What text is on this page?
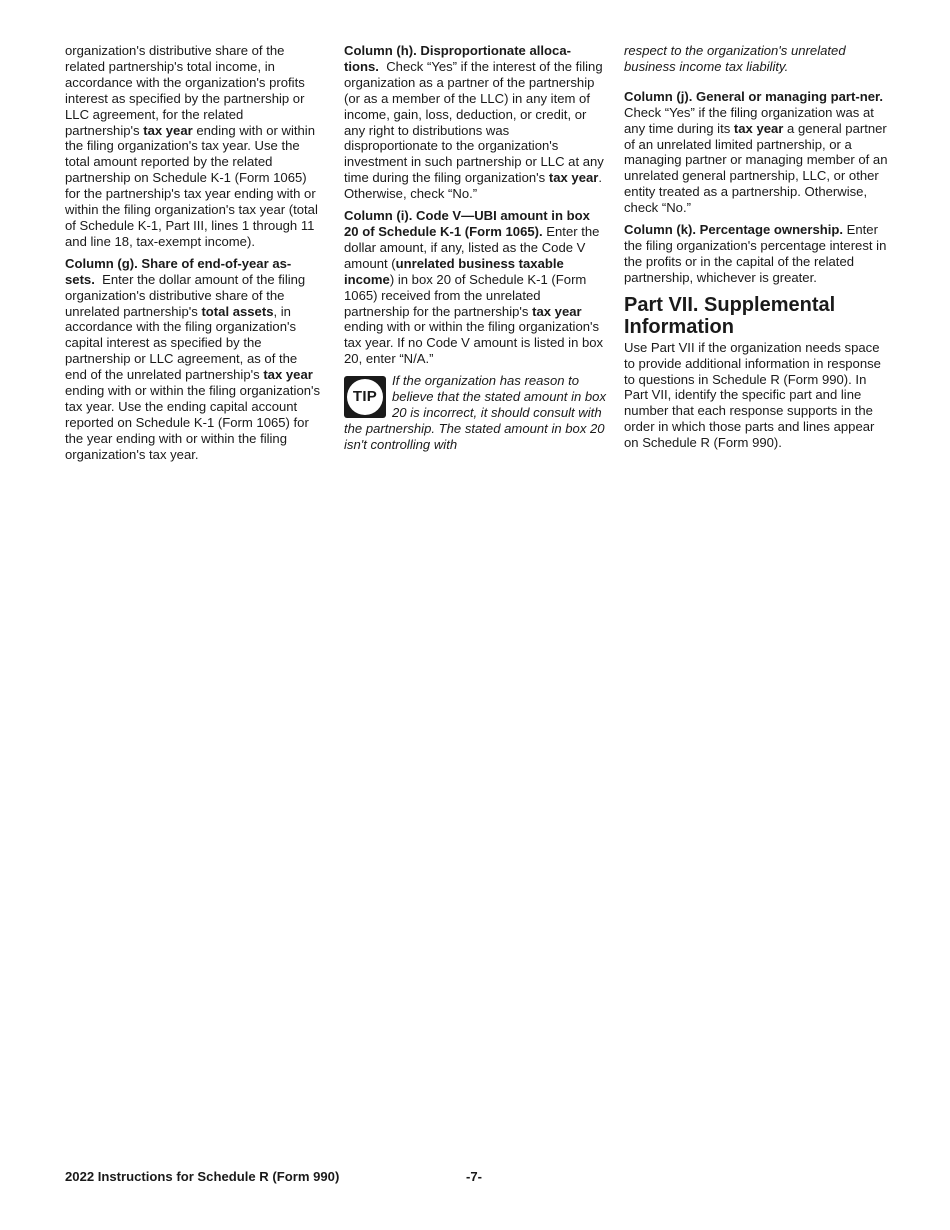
organization's distributive share of the related partnership's total income, in accordance with the organization's profits interest as specified by the partnership or LLC agreement, for the related partnership's tax year ending with or within the filing organization's tax year. Use the total amount reported by the related partnership on Schedule K-1 (Form 1065) for the partnership's tax year ending with or within the filing organization's tax year (total of Schedule K-1, Part III, lines 1 through 11 and line 18, tax-exempt income).

Column (g). Share of end-of-year as-sets. Enter the dollar amount of the filing organization's distributive share of the unrelated partnership's total assets, in accordance with the filing organization's capital interest as specified by the partnership or LLC agreement, as of the end of the unrelated partnership's tax year ending with or within the filing organization's tax year. Use the ending capital account reported on Schedule K-1 (Form 1065) for the year ending with or within the filing organization's tax year.

Column (h). Disproportionate alloca-tions. Check “Yes” if the interest of the filing organization as a partner of the partnership (or as a member of the LLC) in any item of income, gain, loss, deduction, or credit, or any right to distributions was disproportionate to the organization's investment in such partnership or LLC at any time during the filing organization's tax year. Otherwise, check “No.”

Column (i). Code V—UBI amount in box 20 of Schedule K-1 (Form 1065). Enter the dollar amount, if any, listed as the Code V amount (unrelated business taxable income) in box 20 of Schedule K-1 (Form 1065) received from the unrelated partnership for the partnership's tax year ending with or within the filing organization's tax year. If no Code V amount is listed in box 20, enter “N/A.”

TIP
If the organization has reason to believe that the stated amount in box 20 is incorrect, it should consult with the partnership. The stated amount in box 20 isn't controlling with

respect to the organization's unrelated business income tax liability.

Column (j). General or managing part-ner.  Check “Yes” if the filing organization was at any time during its tax year a general partner of an unrelated limited partnership, or a managing partner or managing member of an unrelated general partnership, LLC, or other entity treated as a partnership. Otherwise, check “No.”

Column (k). Percentage ownership. Enter the filing organization's percentage interest in the profits or in the capital of the related partnership, whichever is greater.

Part VII. Supplemental Information

Use Part VII if the organization needs space to provide additional information in response to questions in Schedule R (Form 990). In Part VII, identify the specific part and line number that each response supports in the order in which those parts and lines appear on Schedule R (Form 990).

2022 Instructions for Schedule R (Form 990)	-7-
